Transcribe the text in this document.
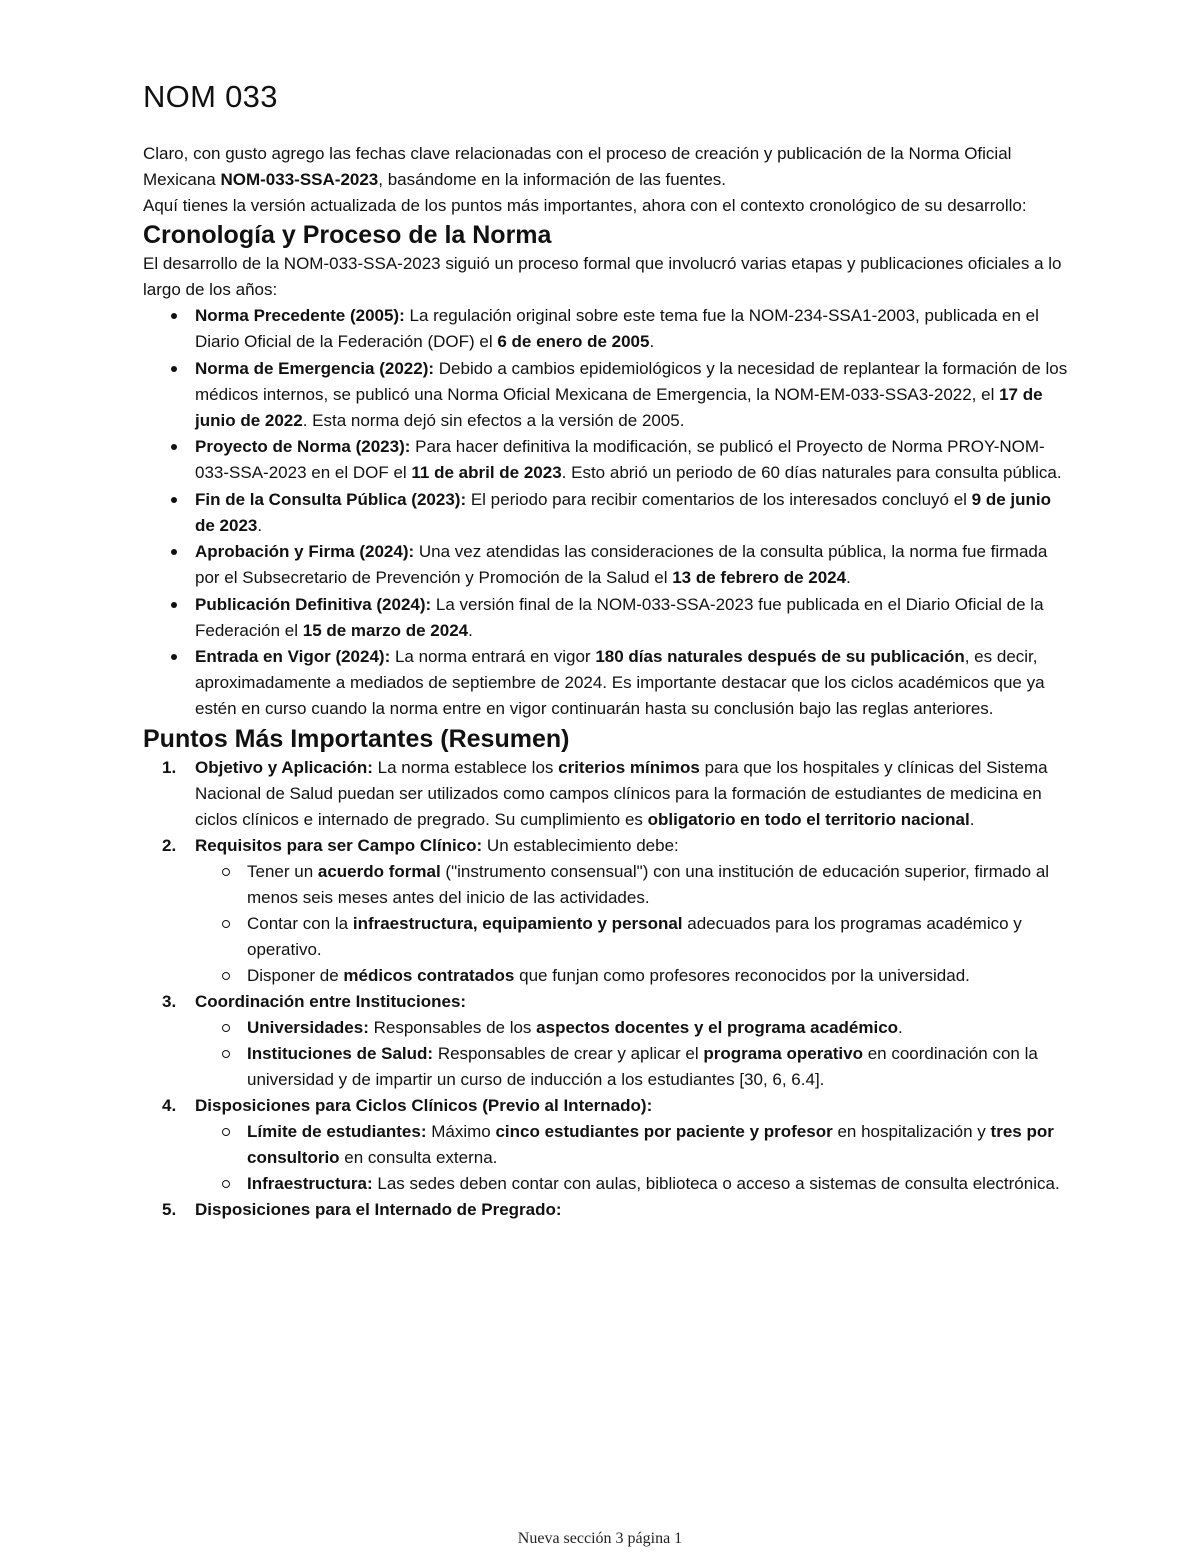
NOM 033

Claro, con gusto agrego las fechas clave relacionadas con el proceso de creación y publicación de la Norma Oficial Mexicana NOM-033-SSA-2023, basándome en la información de las fuentes.

Aquí tienes la versión actualizada de los puntos más importantes, ahora con el contexto cronológico de su desarrollo:

Cronología y Proceso de la Norma

El desarrollo de la NOM-033-SSA-2023 siguió un proceso formal que involucró varias etapas y publicaciones oficiales a lo largo de los años:

Norma Precedente (2005): La regulación original sobre este tema fue la NOM-234-SSA1-2003, publicada en el Diario Oficial de la Federación (DOF) el 6 de enero de 2005.
Norma de Emergencia (2022): Debido a cambios epidemiológicos y la necesidad de replantear la formación de los médicos internos, se publicó una Norma Oficial Mexicana de Emergencia, la NOM-EM-033-SSA3-2022, el 17 de junio de 2022. Esta norma dejó sin efectos a la versión de 2005.
Proyecto de Norma (2023): Para hacer definitiva la modificación, se publicó el Proyecto de Norma PROY-NOM-033-SSA-2023 en el DOF el 11 de abril de 2023. Esto abrió un periodo de 60 días naturales para consulta pública.
Fin de la Consulta Pública (2023): El periodo para recibir comentarios de los interesados concluyó el 9 de junio de 2023.
Aprobación y Firma (2024): Una vez atendidas las consideraciones de la consulta pública, la norma fue firmada por el Subsecretario de Prevención y Promoción de la Salud el 13 de febrero de 2024.
Publicación Definitiva (2024): La versión final de la NOM-033-SSA-2023 fue publicada en el Diario Oficial de la Federación el 15 de marzo de 2024.
Entrada en Vigor (2024): La norma entrará en vigor 180 días naturales después de su publicación, es decir, aproximadamente a mediados de septiembre de 2024. Es importante destacar que los ciclos académicos que ya estén en curso cuando la norma entre en vigor continuarán hasta su conclusión bajo las reglas anteriores.
Puntos Más Importantes (Resumen)
1. Objetivo y Aplicación: La norma establece los criterios mínimos para que los hospitales y clínicas del Sistema Nacional de Salud puedan ser utilizados como campos clínicos para la formación de estudiantes de medicina en ciclos clínicos e internado de pregrado. Su cumplimiento es obligatorio en todo el territorio nacional.
2. Requisitos para ser Campo Clínico: Un establecimiento debe:
Tener un acuerdo formal ("instrumento consensual") con una institución de educación superior, firmado al menos seis meses antes del inicio de las actividades.
Contar con la infraestructura, equipamiento y personal adecuados para los programas académico y operativo.
Disponer de médicos contratados que funjan como profesores reconocidos por la universidad.
3. Coordinación entre Instituciones:
Universidades: Responsables de los aspectos docentes y el programa académico.
Instituciones de Salud: Responsables de crear y aplicar el programa operativo en coordinación con la universidad y de impartir un curso de inducción a los estudiantes [30, 6, 6.4].
4. Disposiciones para Ciclos Clínicos (Previo al Internado):
Límite de estudiantes: Máximo cinco estudiantes por paciente y profesor en hospitalización y tres por consultorio en consulta externa.
Infraestructura: Las sedes deben contar con aulas, biblioteca o acceso a sistemas de consulta electrónica.
5. Disposiciones para el Internado de Pregrado:
Nueva sección 3 página 1
